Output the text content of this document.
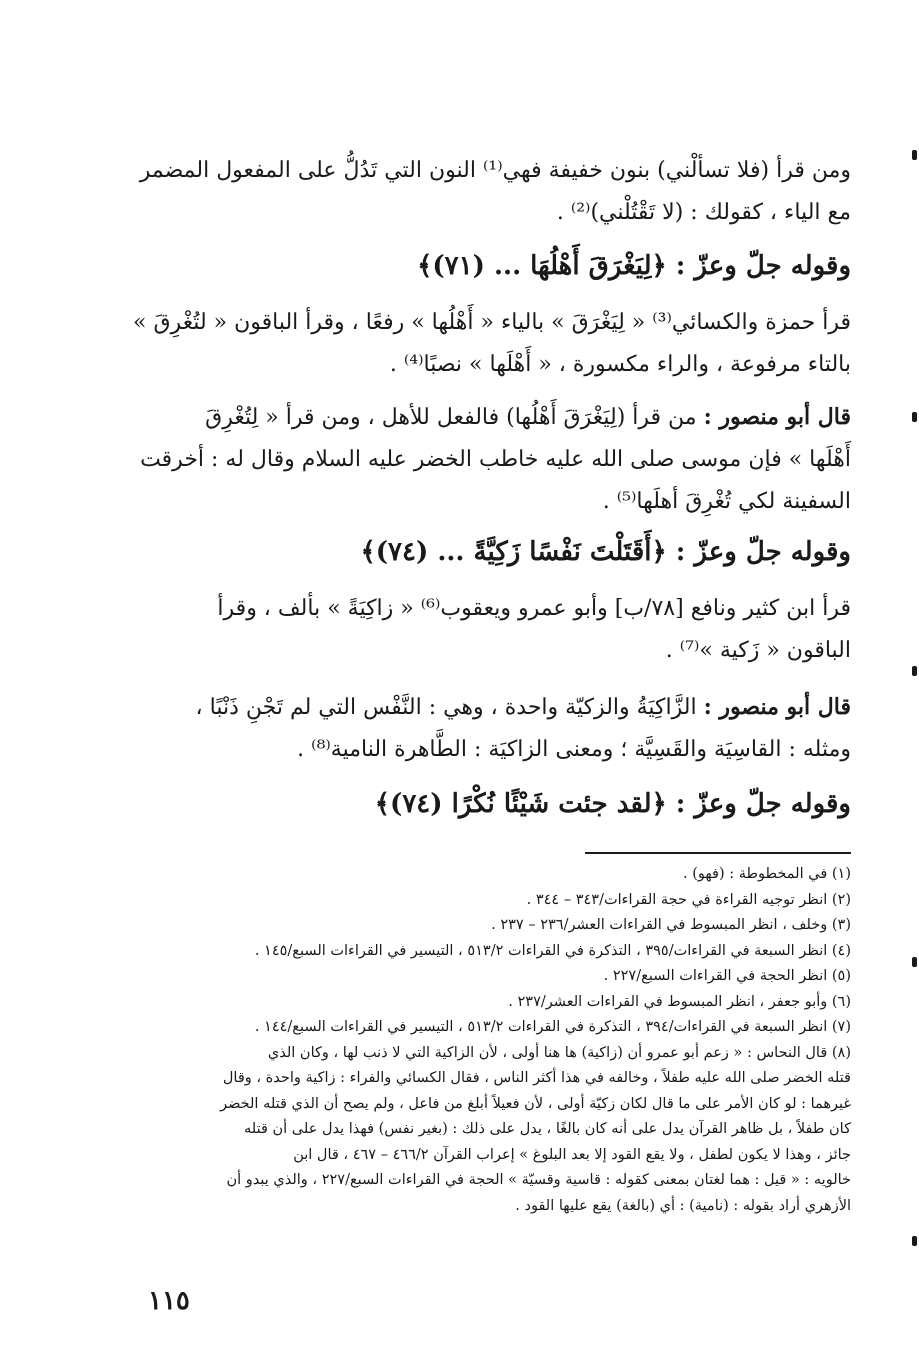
ومن قرأ (فلا تسألْني) بنون خفيفة فهي⁽¹⁾ النون التي تَدُلُّ على المفعول المضمر
مع الياء ، كقولك : (لا تَقْتُلْني)⁽²⁾ .
وقوله جلّ وعزّ : ﴿لِيَغْرَقَ أَهْلُهَا ... (٧١)﴾
قرأ حمزة والكسائي⁽³⁾ « لِيَغْرَقَ » بالياء « أَهْلُها » رفعًا ، وقرأ الباقون « لتُغْرِقَ »
بالتاء مرفوعة ، والراء مكسورة ، « أَهْلَها » نصبًا⁽⁴⁾ .
قال أبو منصور : من قرأ (لِيَغْرَقَ أَهْلُها) فالفعل للأهل ، ومن قرأ « لِتُغْرِقَ
أَهْلَها » فإن موسى صلى الله عليه خاطب الخضر عليه السلام وقال له : أخرقت
السفينة لكي تُغْرِقَ أهلَها⁽⁵⁾ .
وقوله جلّ وعزّ : ﴿أَقَتَلْتَ نَفْسًا زَكِيَّةً ... (٧٤)﴾
قرأ ابن كثير ونافع [٧٨/ب] وأبو عمرو ويعقوب⁽⁶⁾ « زاكِيَةً » بألف ، وقرأ
الباقون « زَكية »⁽⁷⁾ .
قال أبو منصور : الزَّاكِيَةُ والزكيّة واحدة ، وهي : النَّفْس التي لم تَجْنِ ذَنْبًا ،
ومثله : القاسِيَة والقَسِيَّة ؛ ومعنى الزاكيَة : الطَّاهرة النامية⁽⁸⁾ .
وقوله جلّ وعزّ : ﴿لقد جئت شَيْئًا نُكْرًا (٧٤)﴾
(١) في المخطوطة : (فهو) .
(٢) انظر توجيه القراءة في حجة القراءات/٣٤٣ – ٣٤٤ .
(٣) وخلف ، انظر المبسوط في القراءات العشر/٢٣٦ – ٢٣٧ .
(٤) انظر السبعة في القراءات/٣٩٥ ، التذكرة في القراءات ٥١٣/٢ ، التيسير في القراءات السبع/١٤٥ .
(٥) انظر الحجة في القراءات السبع/٢٢٧ .
(٦) وأبو جعفر ، انظر المبسوط في القراءات العشر/٢٣٧ .
(٧) انظر السبعة في القراءات/٣٩٤ ، التذكرة في القراءات ٥١٣/٢ ، التيسير في القراءات السبع/١٤٤ .
(٨) قال النحاس : « زعم أبو عمرو أن (زاكية) ها هنا أولى ، لأن الزاكية التي لا ذنب لها ، وكان الذي
قتله الخضر صلى الله عليه طفلاً ، وخالفه في هذا أكثر الناس ، فقال الكسائي والفراء : زاكية واحدة ، وقال
غيرهما : لو كان الأمر على ما قال لكان زكيّة أولى ، لأن فعيلاً أبلغ من فاعل ، ولم يصح أن الذي قتله الخضر
كان طفلاً ، بل ظاهر القرآن يدل على أنه كان بالغًا ، يدل على ذلك : (بغير نفس) فهذا يدل على أن قتله
جائز ، وهذا لا يكون لطفل ، ولا يقع القود إلا بعد البلوغ » إعراب القرآن ٤٦٦/٢ – ٤٦٧ ، قال ابن
خالويه : « قيل : هما لغتان بمعنى كقوله : قاسية وقسيّة » الحجة في القراءات السبع/٢٢٧ ، والذي يبدو أن
الأزهري أراد بقوله : (نامية) : أي (بالغة) يقع عليها القود .
١١٥
